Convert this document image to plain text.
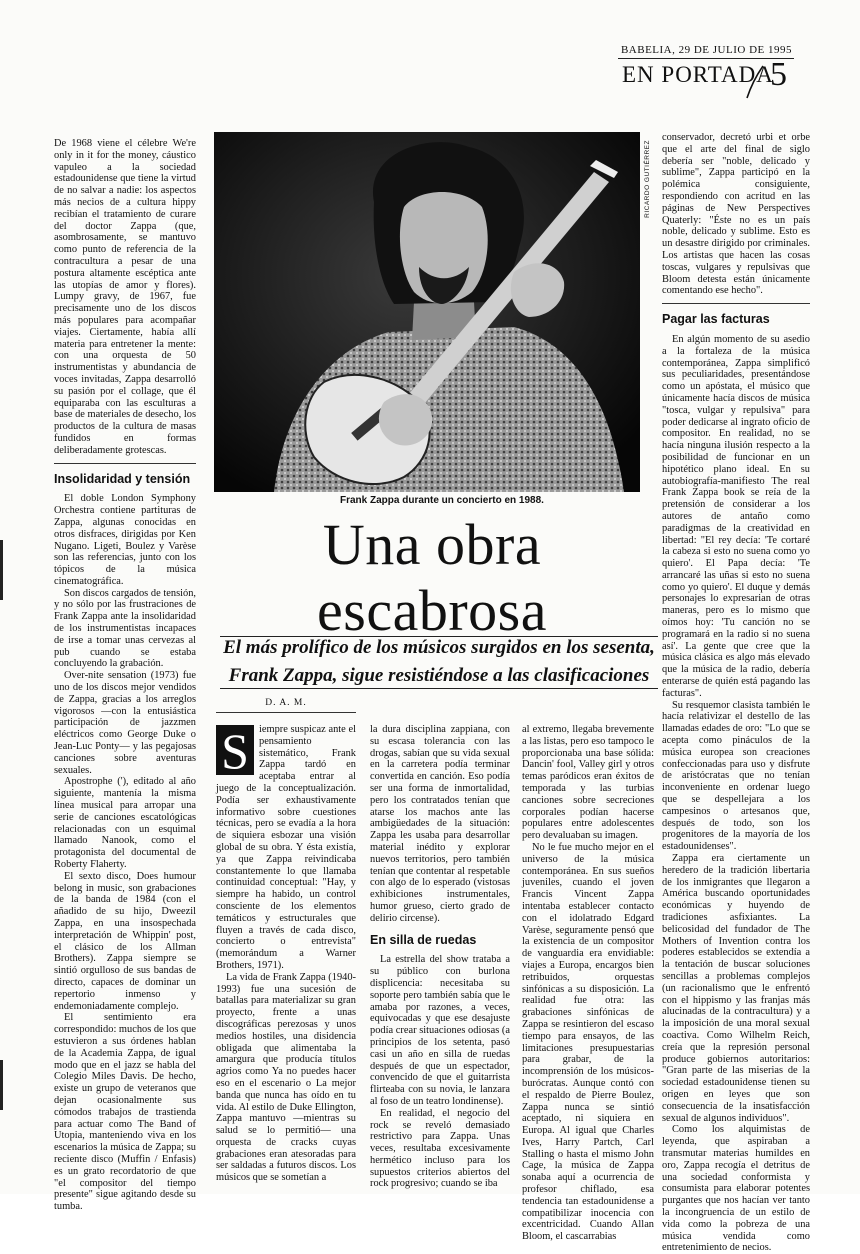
BABELIA, 29 DE JULIO DE 1995
EN PORTADA
5
RICARDO GUTIÉRREZ
Frank Zappa durante un concierto en 1988.
Una obra
escabrosa
El más prolífico de los músicos surgidos en los sesenta,
Frank Zappa, sigue resistiéndose a las clasificaciones
D. A. M.

De 1968 viene el célebre We're only in it for the money, cáustico vapuleo a la sociedad estadounidense que tiene la virtud de no salvar a nadie: los aspectos más necios de a cultura hippy recibían el tratamiento de curare del doctor Zappa (que, asombrosamente, se mantuvo como punto de referencia de la contracultura a pesar de una postura altamente escéptica ante las utopías de amor y flores). Lumpy gravy, de 1967, fue precisamente uno de los discos más populares para acompañar viajes. Ciertamente, había allí materia para entretener la mente: con una orquesta de 50 instrumentistas y abundancia de voces invitadas, Zappa desarrolló su pasión por el collage, que él equiparaba con las esculturas a base de materiales de desecho, los productos de la cultura de masas fundidos en formas deliberadamente grotescas.

Insolidaridad y tensión

El doble London Symphony Orchestra contiene partituras de Zappa, algunas conocidas en otros disfraces, dirigidas por Ken Nugano. Ligeti, Boulez y Varèse son las referencias, junto con los tópicos de la música cinematográfica.

Son discos cargados de tensión, y no sólo por las frustraciones de Frank Zappa ante la insolidaridad de los instrumentistas incapaces de irse a tomar unas cervezas al pub cuando se estaba concluyendo la grabación.

Over-nite sensation (1973) fue uno de los discos mejor vendidos de Zappa, gracias a los arreglos vigorosos —con la entusiástica participación de jazzmen eléctricos como George Duke o Jean-Luc Ponty— y las pegajosas canciones sobre aventuras sexuales.

Apostrophe ('), editado al año siguiente, mantenía la misma línea musical para arropar una serie de canciones escatológicas relacionadas con un esquimal llamado Nanook, como el protagonista del documental de Roberty Flaherty.

El sexto disco, Does humour belong in music, son grabaciones de la banda de 1984 (con el añadido de su hijo, Dweezil Zappa, en una insospechada interpretación de Whippin' post, el clásico de los Allman Brothers). Zappa siempre se sintió orgulloso de sus bandas de directo, capaces de dominar un repertorio inmenso y endemoniadamente complejo.

El sentimiento era correspondido: muchos de los que estuvieron a sus órdenes hablan de la Academia Zappa, de igual modo que en el jazz se habla del Colegio Miles Davis. De hecho, existe un grupo de veteranos que dejan ocasionalmente sus cómodos trabajos de trastienda para actuar como The Band of Utopia, manteniendo viva en los escenarios la música de Zappa; su reciente disco (Muffin / Enfasis) es un grato recordatorio de que "el compositor del tiempo presente" sigue agitando desde su tumba.

S iempre suspicaz ante el pensamiento sistemático, Frank Zappa tardó en aceptaba entrar al juego de la conceptualización. Podía ser exhaustivamente informativo sobre cuestiones técnicas, pero se evadía a la hora de siquiera esbozar una visión global de su obra. Y ésta existía, ya que Zappa reivindicaba constantemente lo que llamaba continuidad conceptual: "Hay, y siempre ha habido, un control consciente de los elementos temáticos y estructurales que fluyen a través de cada disco, concierto o entrevista" (memorándum a Warner Brothers, 1971).

La vida de Frank Zappa (1940-1993) fue una sucesión de batallas para materializar su gran proyecto, frente a unas discográficas perezosas y unos medios hostiles, una disidencia obligada que alimentaba la amargura que producía títulos agrios como Ya no puedes hacer eso en el escenario o La mejor banda que nunca has oído en tu vida. Al estilo de Duke Ellington, Zappa mantuvo —mientras su salud se lo permitió— una orquesta de cracks cuyas grabaciones eran atesoradas para ser saldadas a futuros discos. Los músicos que se sometían a

la dura disciplina zappiana, con su escasa tolerancia con las drogas, sabían que su vida sexual en la carretera podía terminar convertida en canción. Eso podía ser una forma de inmortalidad, pero los contratados tenían que atarse los machos ante las ambigüedades de la situación: Zappa les usaba para desarrollar material inédito y explorar nuevos territorios, pero también tenían que contentar al respetable con algo de lo esperado (vistosas exhibiciones instrumentales, humor grueso, cierto grado de delirio circense).

En silla de ruedas

La estrella del show trataba a su público con burlona displicencia: necesitaba su soporte pero también sabía que le amaba por razones, a veces, equivocadas y que ese desajuste podía crear situaciones odiosas (a principios de los setenta, pasó casi un año en silla de ruedas después de que un espectador, convencido de que el guitarrista flirteaba con su novia, le lanzara al foso de un teatro londinense).

En realidad, el negocio del rock se reveló demasiado restrictivo para Zappa. Unas veces, resultaba excesivamente hermético incluso para los supuestos criterios abiertos del rock progresivo; cuando se iba

al extremo, llegaba brevemente a las listas, pero eso tampoco le proporcionaba una base sólida: Dancin' fool, Valley girl y otros temas paródicos eran éxitos de temporada y las turbias canciones sobre secreciones corporales podían hacerse populares entre adolescentes pero devaluaban su imagen.

No le fue mucho mejor en el universo de la música contemporánea. En sus sueños juveniles, cuando el joven Francis Vincent Zappa intentaba establecer contacto con el idolatrado Edgard Varèse, seguramente pensó que la existencia de un compositor de vanguardia era envidiable: viajes a Europa, encargos bien retribuidos, orquestas sinfónicas a su disposición. La realidad fue otra: las grabaciones sinfónicas de Zappa se resintieron del escaso tiempo para ensayos, de las limitaciones presupuestarias para grabar, de la incomprensión de los músicos-burócratas. Aunque contó con el respaldo de Pierre Boulez, Zappa nunca se sintió aceptado, ni siquiera en Europa. Al igual que Charles Ives, Harry Partch, Carl Stalling o hasta el mismo John Cage, la música de Zappa sonaba aquí a ocurrencia de profesor chiflado, esa tendencia tan estadounidense a compatibilizar inocencia con excentricidad. Cuando Allan Bloom, el cascarrabias

conservador, decretó urbi et orbe que el arte del final de siglo debería ser "noble, delicado y sublime", Zappa participó en la polémica consiguiente, respondiendo con acritud en las páginas de New Perspectives Quaterly: "Éste no es un país noble, delicado y sublime. Esto es un desastre dirigido por criminales. Los artistas que hacen las cosas toscas, vulgares y repulsivas que Bloom detesta están únicamente comentando ese hecho".

Pagar las facturas

En algún momento de su asedio a la fortaleza de la música contemporánea, Zappa simplificó sus peculiaridades, presentándose como un apóstata, el músico que únicamente hacía discos de música "tosca, vulgar y repulsiva" para poder dedicarse al ingrato oficio de compositor. En realidad, no se hacía ninguna ilusión respecto a la posibilidad de funcionar en un hipotético plano ideal. En su autobiografía-manifiesto The real Frank Zappa book se reía de la pretensión de considerar a los autores de antaño como paradigmas de la creatividad en libertad: "El rey decía: 'Te cortaré la cabeza si esto no suena como yo quiero'. El Papa decía: 'Te arrancaré las uñas si esto no suena como yo quiero'. El duque y demás personajes lo expresarian de otras maneras, pero es lo mismo que oímos hoy: 'Tu canción no se programará en la radio si no suena así'. La gente que cree que la música clásica es algo más elevado que la música de la radio, debería enterarse de quién está pagando las facturas".

Su resquemor clasista también le hacía relativizar el destello de las llamadas edades de oro: "Lo que se acepta como pináculos de la música europea son creaciones confeccionadas para uso y disfrute de aristócratas que no tenían inconveniente en ordenar luego que se despellejara a los campesinos o artesanos que, después de todo, son los progenitores de la mayoría de los estadounidenses".

Zappa era ciertamente un heredero de la tradición libertaria de los inmigrantes que llegaron a América buscando oportunidades económicas y huyendo de tradiciones asfixiantes. La belicosidad del fundador de The Mothers of Invention contra los poderes establecidos se extendía a la tentación de buscar soluciones sencillas a problemas complejos (un racionalismo que le enfrentó con el hippismo y las franjas más alucinadas de la contracultura) y a la imposición de una moral sexual coactiva. Como Wilhelm Reich, creía que la represión personal produce gobiernos autoritarios: "Gran parte de las miserias de la sociedad estadounidense tienen su origen en leyes que son consecuencia de la insatisfacción sexual de algunos individuos".

Como los alquimistas de leyenda, que aspiraban a transmutar materias humildes en oro, Zappa recogía el detritus de una sociedad conformista y consumista para elaborar potentes purgantes que nos hacían ver tanto la incongruencia de un estilo de vida como la pobreza de una música vendida como entretenimiento de necios.
